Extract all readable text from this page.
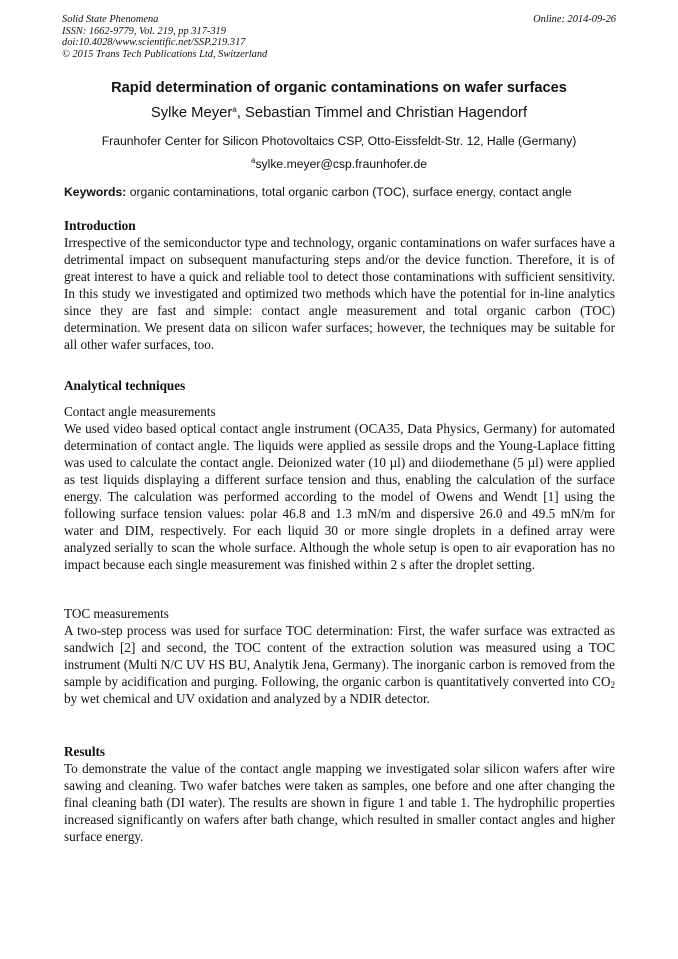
Solid State Phenomena
ISSN: 1662-9779, Vol. 219, pp 317-319
doi:10.4028/www.scientific.net/SSP.219.317
© 2015 Trans Tech Publications Ltd, Switzerland
Online: 2014-09-26
Rapid determination of organic contaminations on wafer surfaces
Sylke Meyer$^a$, Sebastian Timmel and Christian Hagendorf
Fraunhofer Center for Silicon Photovoltaics CSP, Otto-Eissfeldt-Str. 12, Halle (Germany)
$^a$sylke.meyer@csp.fraunhofer.de
Keywords: organic contaminations, total organic carbon (TOC), surface energy, contact angle
Introduction

Irrespective of the semiconductor type and technology, organic contaminations on wafer surfaces have a detrimental impact on subsequent manufacturing steps and/or the device function. Therefore, it is of great interest to have a quick and reliable tool to detect those contaminations with sufficient sensitivity. In this study we investigated and optimized two methods which have the potential for in-line analytics since they are fast and simple: contact angle measurement and total organic carbon (TOC) determination. We present data on silicon wafer surfaces; however, the techniques may be suitable for all other wafer surfaces, too.

Analytical techniques
Contact angle measurements

We used video based optical contact angle instrument (OCA35, Data Physics, Germany) for automated determination of contact angle. The liquids were applied as sessile drops and the Young-Laplace fitting was used to calculate the contact angle. Deionized water (10 µl) and diiodemethane (5 µl) were applied as test liquids displaying a different surface tension and thus, enabling the calculation of the surface energy. The calculation was performed according to the model of Owens and Wendt [1] using the following surface tension values: polar 46.8 and 1.3 mN/m and dispersive 26.0 and 49.5 mN/m for water and DIM, respectively. For each liquid 30 or more single droplets in a defined array were analyzed serially to scan the whole surface. Although the whole setup is open to air evaporation has no impact because each single measurement was finished within 2 s after the droplet setting.

TOC measurements

A two-step process was used for surface TOC determination: First, the wafer surface was extracted as sandwich [2] and second, the TOC content of the extraction solution was measured using a TOC instrument (Multi N/C UV HS BU, Analytik Jena, Germany). The inorganic carbon is removed from the sample by acidification and purging. Following, the organic carbon is quantitatively converted into $CO_2$ by wet chemical and UV oxidation and analyzed by a NDIR detector.

Results

To demonstrate the value of the contact angle mapping we investigated solar silicon wafers after wire sawing and cleaning. Two wafer batches were taken as samples, one before and one after changing the final cleaning bath (DI water). The results are shown in figure 1 and table 1. The hydrophilic properties increased significantly on wafers after bath change, which resulted in smaller contact angles and higher surface energy.
